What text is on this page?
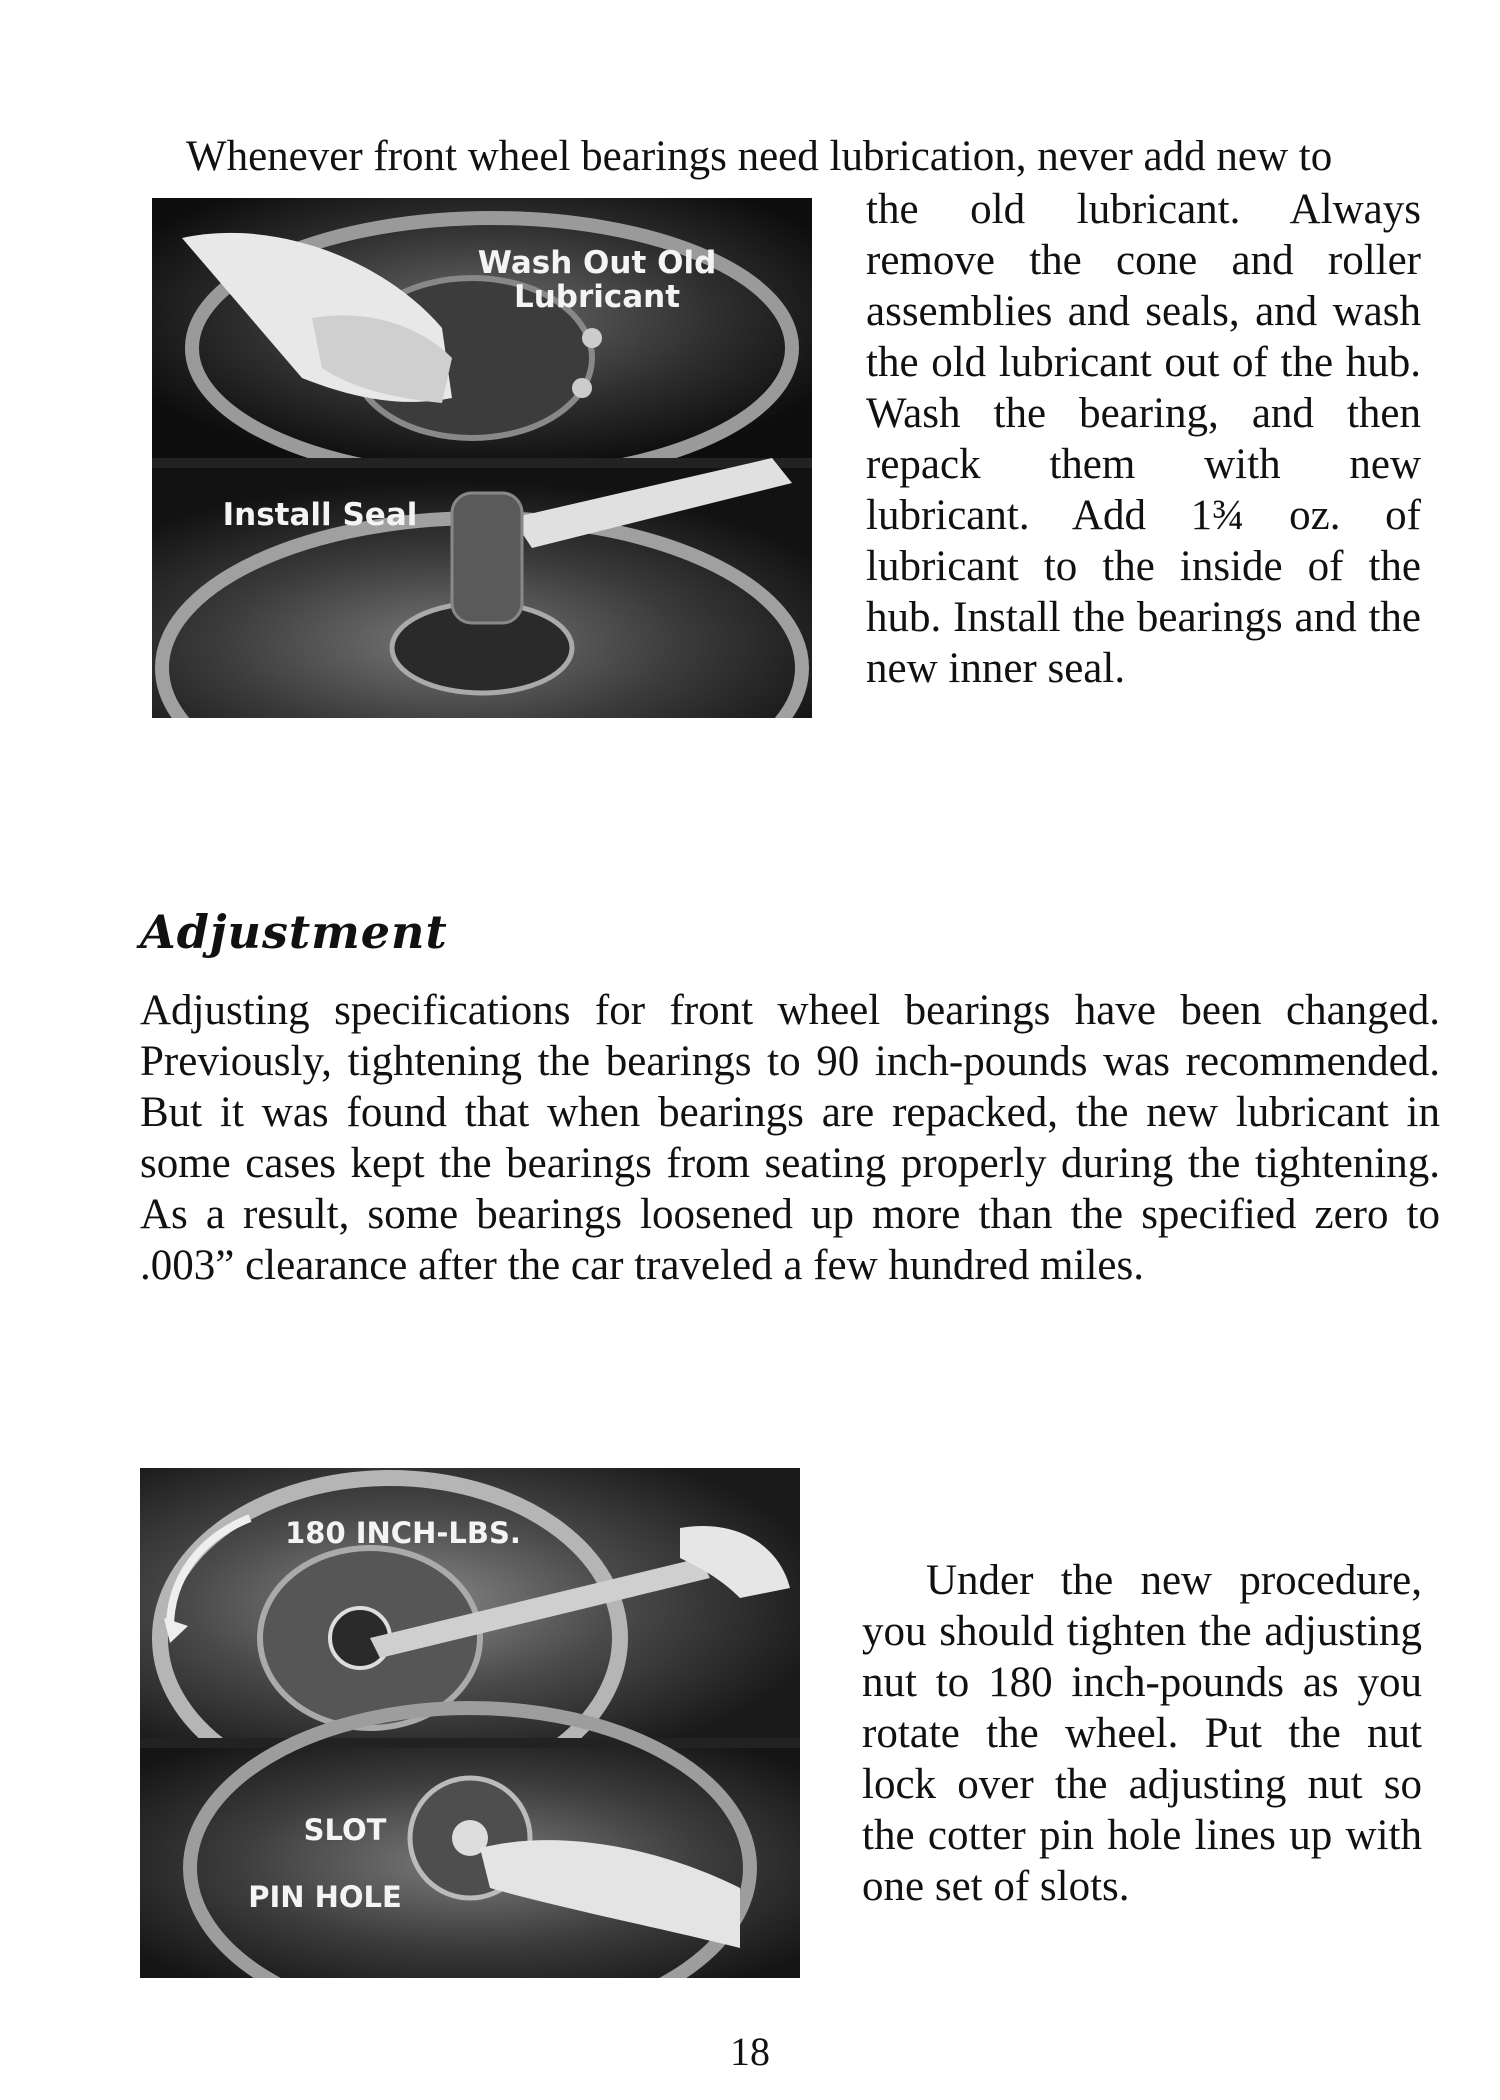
Whenever front wheel bearings need lubrication, never add new to
Wash Out Old
Lubricant
Install Seal
the old lubricant. Always remove the cone and roller assemblies and seals, and wash the old lubricant out of the hub. Wash the bearing, and then repack them with new lubricant. Add 1¾ oz. of lubricant to the inside of the hub. Install the bearings and the new inner seal.
Adjustment
Adjusting specifications for front wheel bearings have been changed. Previously, tightening the bearings to 90 inch-pounds was recommended. But it was found that when bearings are repacked, the new lubricant in some cases kept the bearings from seating properly during the tightening. As a result, some bearings loosened up more than the specified zero to .003” clearance after the car traveled a few hundred miles.
180 INCH-LBS.
SLOT
PIN HOLE
Under the new procedure, you should tighten the adjusting nut to 180 inch-pounds as you rotate the wheel. Put the nut lock over the adjusting nut so the cotter pin hole lines up with one set of slots.
18
